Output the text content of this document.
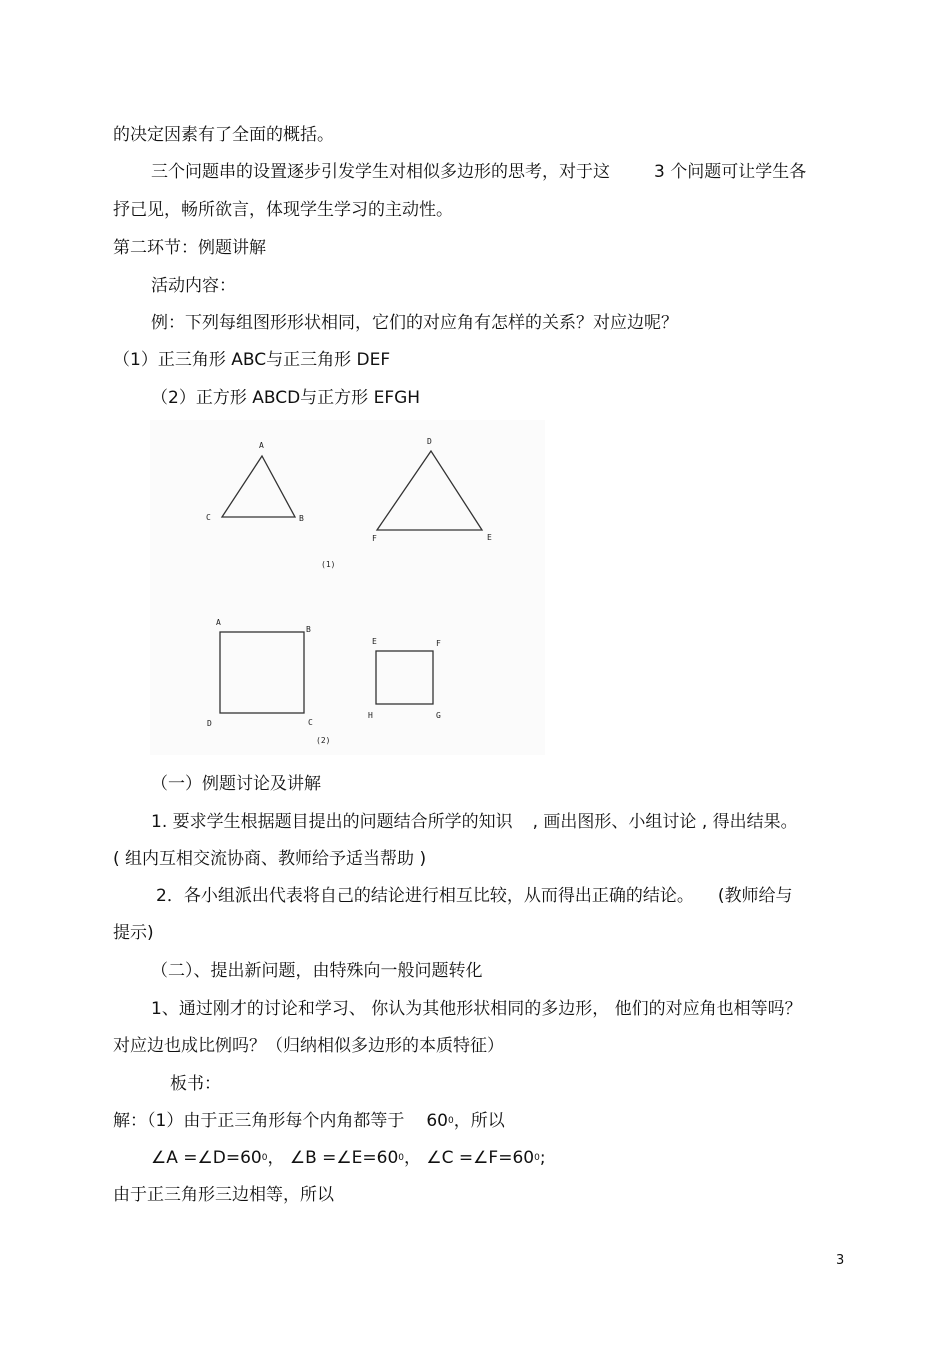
的决定因素有了全面的概括。
三个问题串的设置逐步引发学生对相似多边形的思考，对于这	3 个问题可让学生各
抒己见，畅所欲言，体现学生学习的主动性。
第二环节：例题讲解
活动内容：
例：下列每组图形形状相同，它们的对应角有怎样的关系？对应边呢？
（1）正三角形 ABC与正三角形 DEF
（2）正方形 ABCD与正方形 EFGH
A
B
C
D
E
F
(1)
A
B
C
D
E	F
G
H
(2)
（一）例题讨论及讲解
1. 要求学生根据题目提出的问题结合所学的知识 , 画出图形、小组讨论 , 得出结果。
( 组内互相交流协商、教师给予适当帮助 )
2．各小组派出代表将自己的结论进行相互比较，从而得出正确的结论。 (教师给与
提示)
（二）、提出新问题，由特殊向一般问题转化
1、通过刚才的讨论和学习、 你认为其他形状相同的多边形， 他们的对应角也相等吗？
对应边也成比例吗？（归纳相似多边形的本质特征）
板书：
解：（1）由于正三角形每个内角都等于 $60^0$，所以
∠A $=\angle D=60^0$， ∠B $=\angle E=60^0$， ∠C $=\angle F=60^0$;
由于正三角形三边相等，所以
3
